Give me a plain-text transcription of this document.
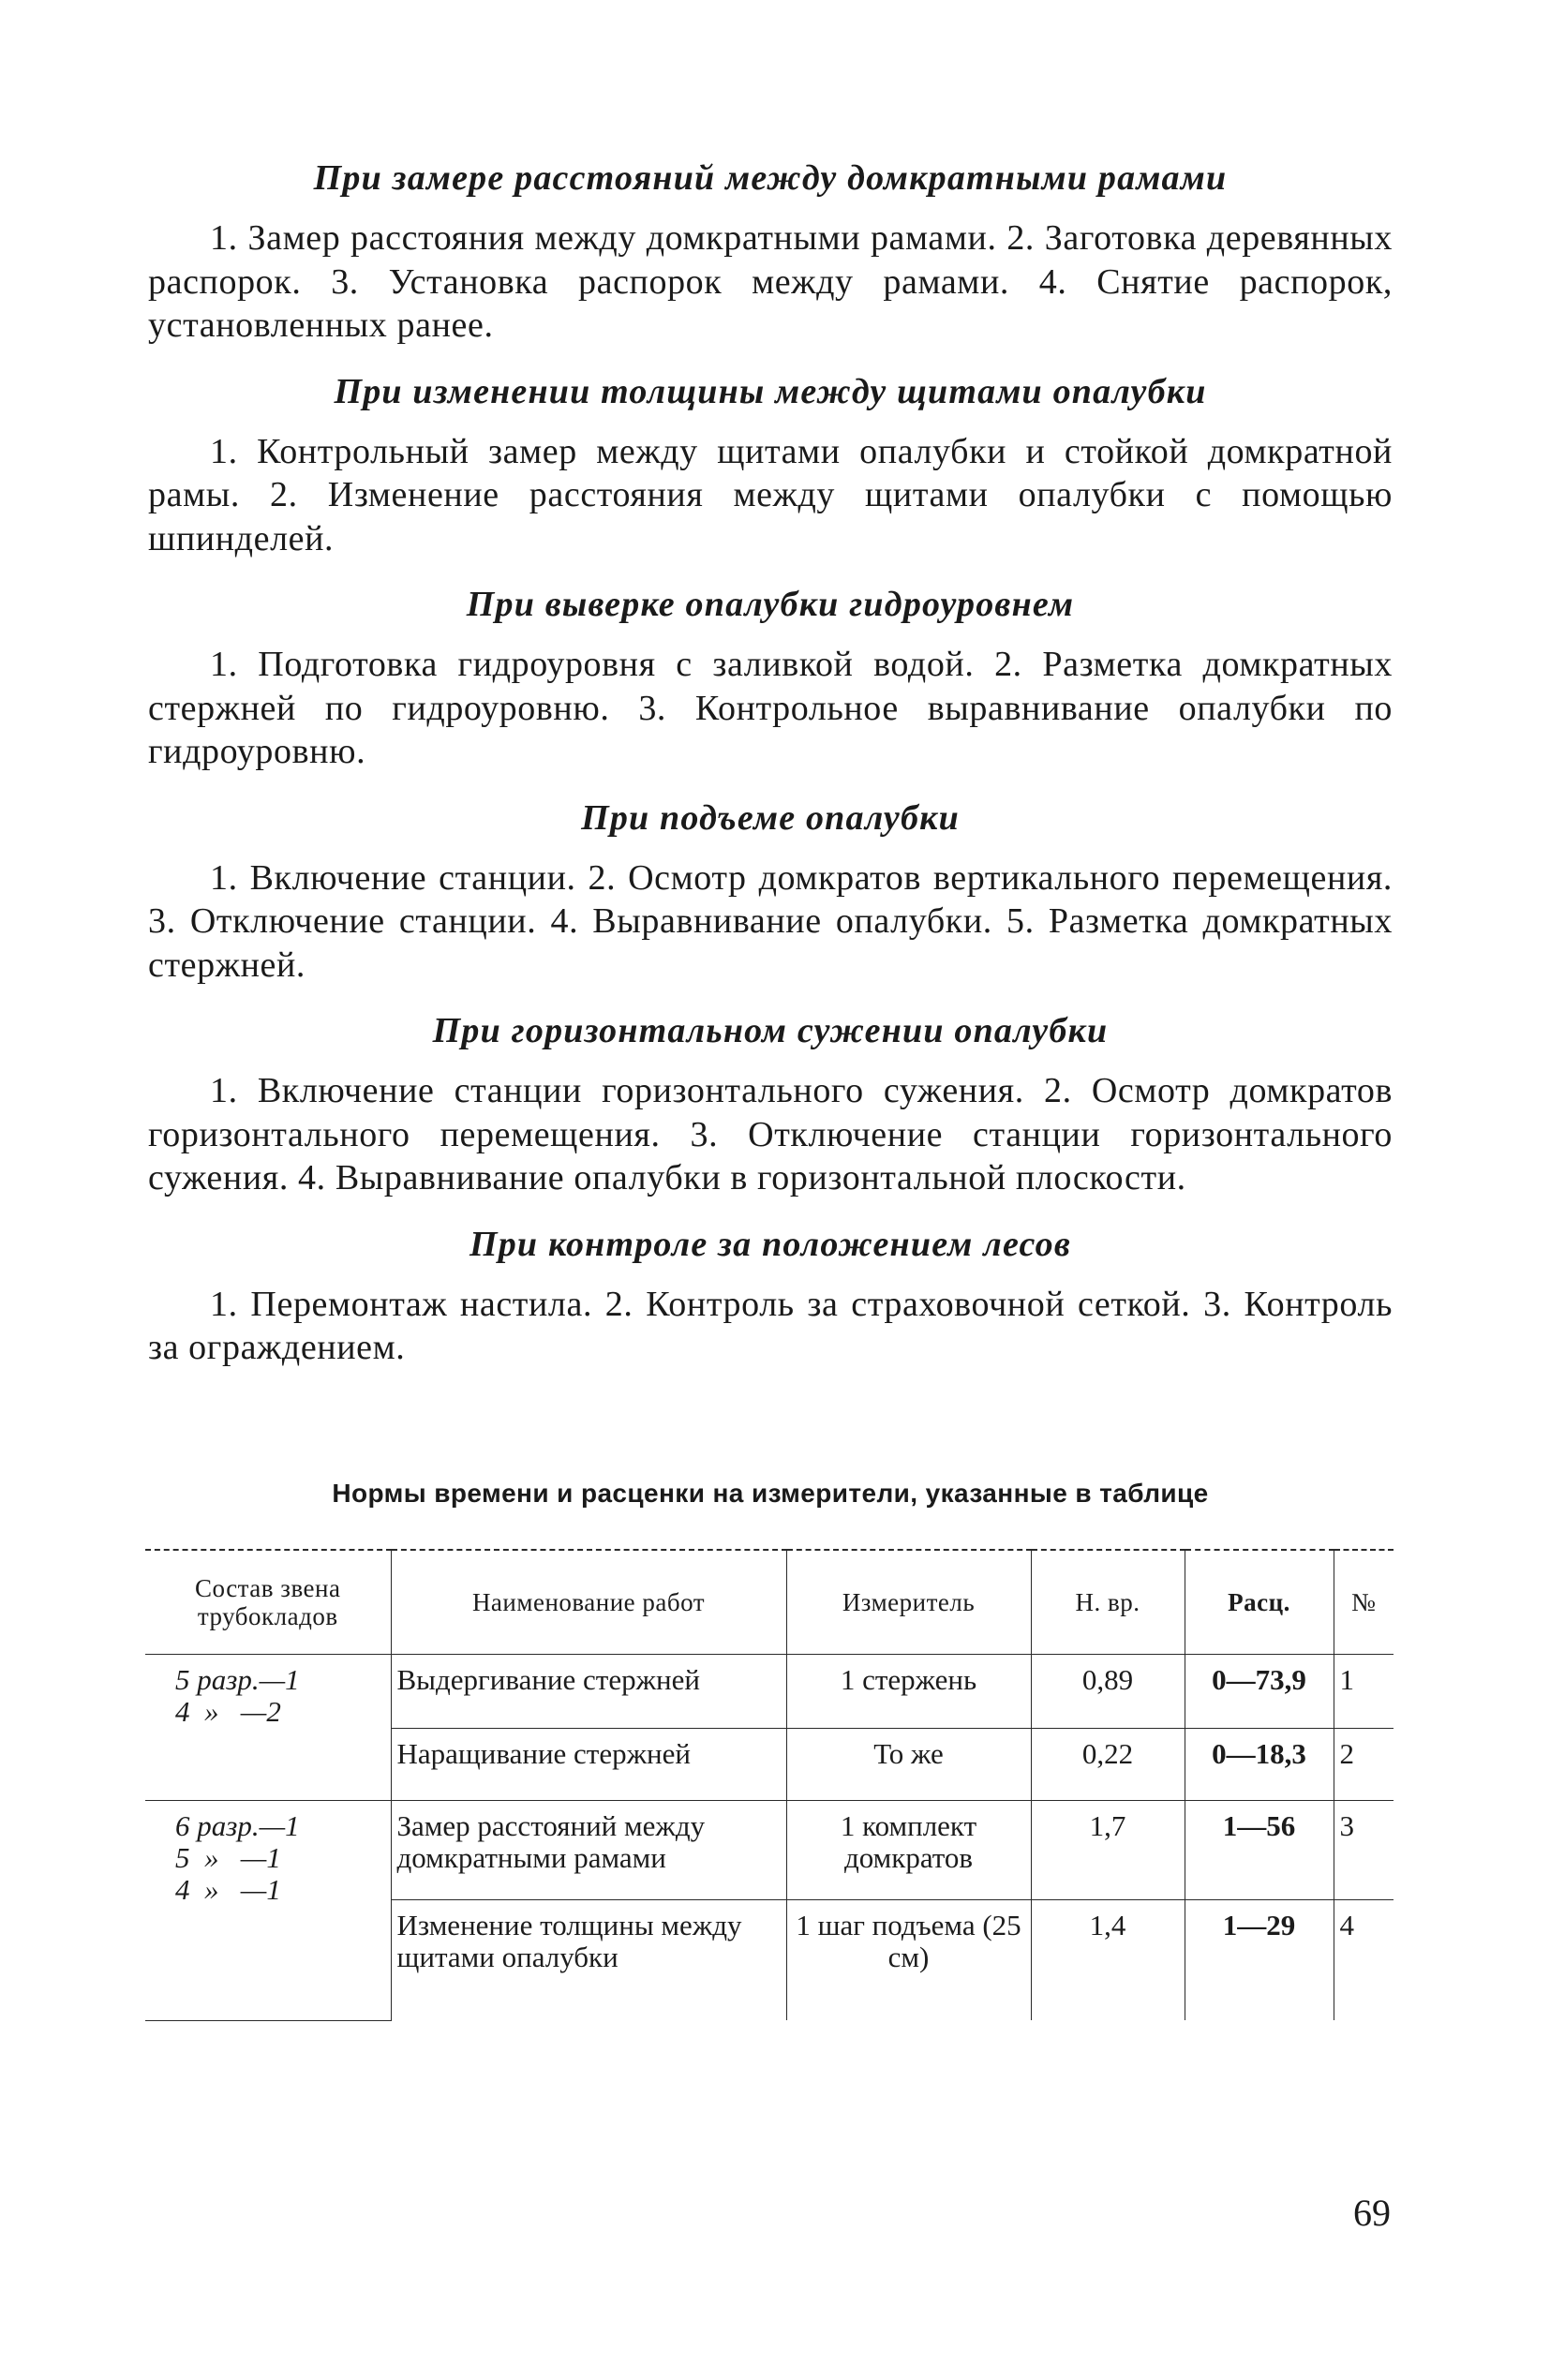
При замере расстояний между домкратными рамами

1. Замер расстояния между домкратными рамами. 2. Заготовка деревянных распорок. 3. Установка распорок между рамами. 4. Снятие распорок, установленных ранее.

При изменении толщины между щитами опалубки

1. Контрольный замер между щитами опалубки и стойкой домкратной рамы. 2. Изменение расстояния между щитами опалубки с помощью шпинделей.

При выверке опалубки гидроуровнем

1. Подготовка гидроуровня с заливкой водой. 2. Разметка домкратных стержней по гидроуровню. 3. Контрольное выравнивание опалубки по гидроуровню.

При подъеме опалубки

1. Включение станции. 2. Осмотр домкратов вертикального перемещения. 3. Отключение станции. 4. Выравнивание опалубки. 5. Разметка домкратных стержней.

При горизонтальном сужении опалубки

1. Включение станции горизонтального сужения. 2. Осмотр домкратов горизонтального перемещения. 3. Отключение станции горизонтального сужения. 4. Выравнивание опалубки в горизонтальной плоскости.

При контроле за положением лесов

1. Перемонтаж настила. 2. Контроль за страховочной сеткой. 3. Контроль за ограждением.

Нормы времени и расценки на измерители, указанные в таблице
Состав звена трубокладов	Наименование работ	Измеритель	Н. вр.	Расц.	№

5 разр.—1
4  »   —2	Выдергивание стержней	1 стержень	0,89	0—73,9	1
	Наращивание стержней	То же	0,22	0—18,3	2

6 разр.—1
5  »   —1
4  »   —1	Замер расстояний между домкратными рамами	1 комплект домкратов	1,7	1—56	3
	Изменение толщины между щитами опалубки	1 шаг подъема (25 см)	1,4	1—29	4
69
